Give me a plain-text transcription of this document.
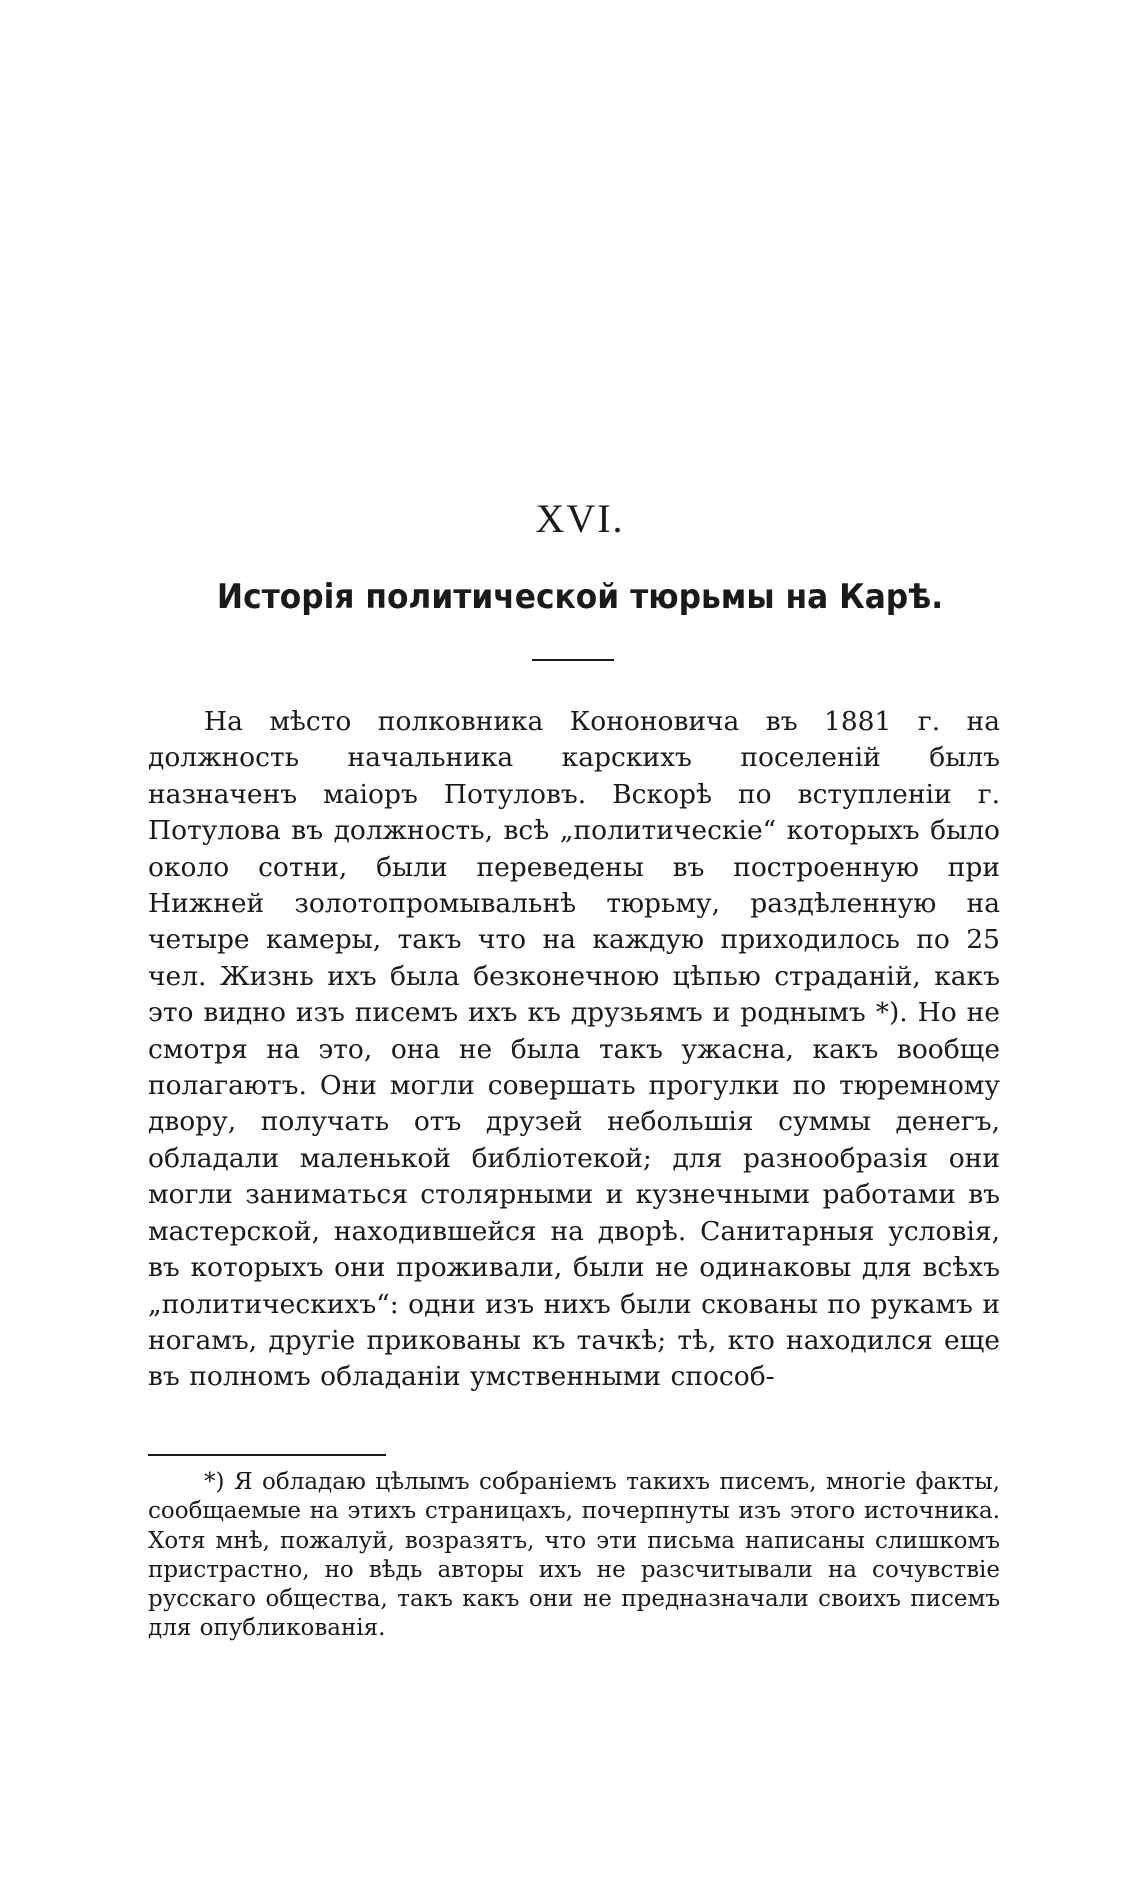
XVI.
Исторія политической тюрьмы на Карѣ.

На мѣсто полковника Кононовича въ 1881 г. на должность начальника карскихъ поселеній былъ назначенъ маіоръ Потуловъ. Вскорѣ по вступленіи г. Потулова въ должность, всѣ „политическіе“ которыхъ было около сотни, были переведены въ построенную при Нижней золотопромывальнѣ тюрьму, раздѣленную на четыре камеры, такъ что на каждую приходилось по 25 чел. Жизнь ихъ была безконечною цѣпью страданій, какъ это видно изъ писемъ ихъ къ друзьямъ и роднымъ *). Но не смотря на это, она не была такъ ужасна, какъ вообще полагаютъ. Они могли совершать прогулки по тюремному двору, получать отъ друзей небольшія суммы денегъ, обладали маленькой библіотекой; для разнообразія они могли заниматься столярными и кузнечными работами въ мастерской, находившейся на дворѣ. Санитарныя условія, въ которыхъ они проживали, были не одинаковы для всѣхъ „политическихъ“: одни изъ нихъ были скованы по рукамъ и ногамъ, другіе прикованы къ тачкѣ; тѣ, кто находился еще въ полномъ обладаніи умственными способ-

*) Я обладаю цѣлымъ собраніемъ такихъ писемъ, многіе факты, сообщаемые на этихъ страницахъ, почерпнуты изъ этого источника. Хотя мнѣ, пожалуй, возразятъ, что эти письма написаны слишкомъ пристрастно, но вѣдь авторы ихъ не разсчитывали на сочувствіе русскаго общества, такъ какъ они не предназначали своихъ писемъ для опубликованія.
